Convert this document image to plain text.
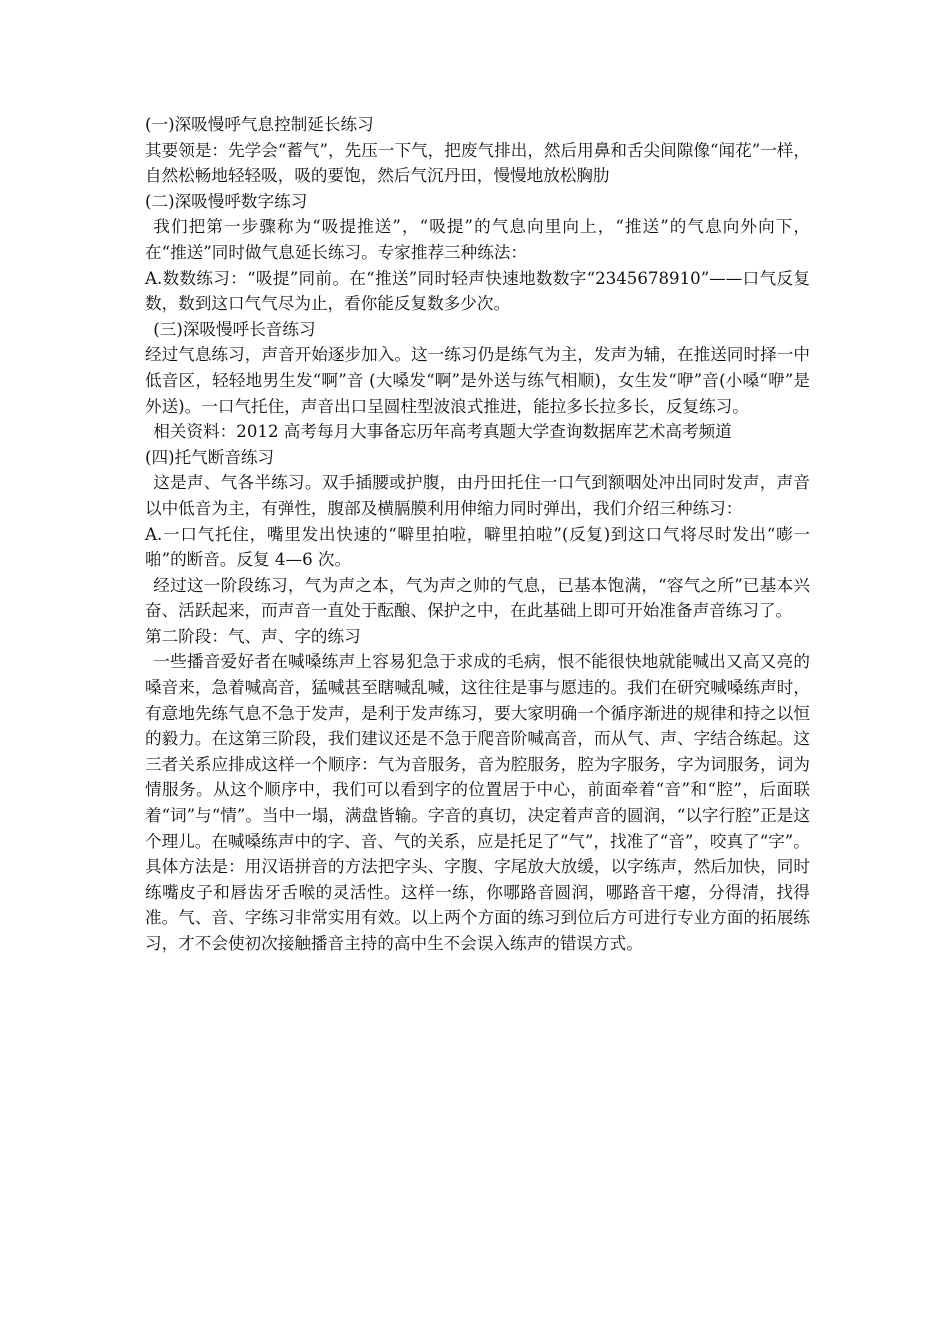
(一)深吸慢呼气息控制延长练习

其要领是：先学会“蓄气”，先压一下气，把废气排出，然后用鼻和舌尖间隙像“闻花”一样，自然松畅地轻轻吸，吸的要饱，然后气沉丹田，慢慢地放松胸肋

(二)深吸慢呼数字练习

我们把第一步骤称为“吸提推送”，“吸提”的气息向里向上，“推送”的气息向外向下，在“推送”同时做气息延长练习。专家推荐三种练法：

A.数数练习：“吸提”同前。在“推送”同时轻声快速地数数字“2345678910”——口气反复数，数到这口气气尽为止，看你能反复数多少次。

(三)深吸慢呼长音练习

经过气息练习，声音开始逐步加入。这一练习仍是练气为主，发声为辅，在推送同时择一中低音区，轻轻地男生发“啊”音 (大嗓发“啊”是外送与练气相顺)，女生发“咿”音(小嗓“咿”是外送)。一口气托住，声音出口呈圆柱型波浪式推进，能拉多长拉多长，反复练习。

相关资料：2012 高考每月大事备忘历年高考真题大学查询数据库艺术高考频道

(四)托气断音练习

这是声、气各半练习。双手插腰或护腹，由丹田托住一口气到额咽处冲出同时发声，声音以中低音为主，有弹性，腹部及横膈膜利用伸缩力同时弹出，我们介绍三种练习：

A.一口气托住，嘴里发出快速的“噼里拍啦，噼里拍啦”(反复)到这口气将尽时发出“嘭一啪”的断音。反复 4—6 次。

经过这一阶段练习，气为声之本，气为声之帅的气息，已基本饱满，“容气之所”已基本兴奋、活跃起来，而声音一直处于酝酿、保护之中，在此基础上即可开始准备声音练习了。

第二阶段：气、声、字的练习

一些播音爱好者在喊嗓练声上容易犯急于求成的毛病，恨不能很快地就能喊出又高又亮的嗓音来，急着喊高音，猛喊甚至瞎喊乱喊，这往往是事与愿违的。我们在研究喊嗓练声时，有意地先练气息不急于发声，是利于发声练习，要大家明确一个循序渐进的规律和持之以恒的毅力。在这第三阶段，我们建议还是不急于爬音阶喊高音，而从气、声、字结合练起。这三者关系应排成这样一个顺序：气为音服务，音为腔服务，腔为字服务，字为词服务，词为情服务。从这个顺序中，我们可以看到字的位置居于中心，前面牵着“音”和“腔”，后面联着“词”与“情”。当中一塌，满盘皆输。字音的真切，决定着声音的圆润，“以字行腔”正是这个理儿。在喊嗓练声中的字、音、气的关系，应是托足了“气”，找准了“音”，咬真了“字”。

具体方法是：用汉语拼音的方法把字头、字腹、字尾放大放缓，以字练声，然后加快，同时练嘴皮子和唇齿牙舌喉的灵活性。这样一练，你哪路音圆润，哪路音干瘪，分得清，找得准。气、音、字练习非常实用有效。以上两个方面的练习到位后方可进行专业方面的拓展练习，才不会使初次接触播音主持的高中生不会误入练声的错误方式。
